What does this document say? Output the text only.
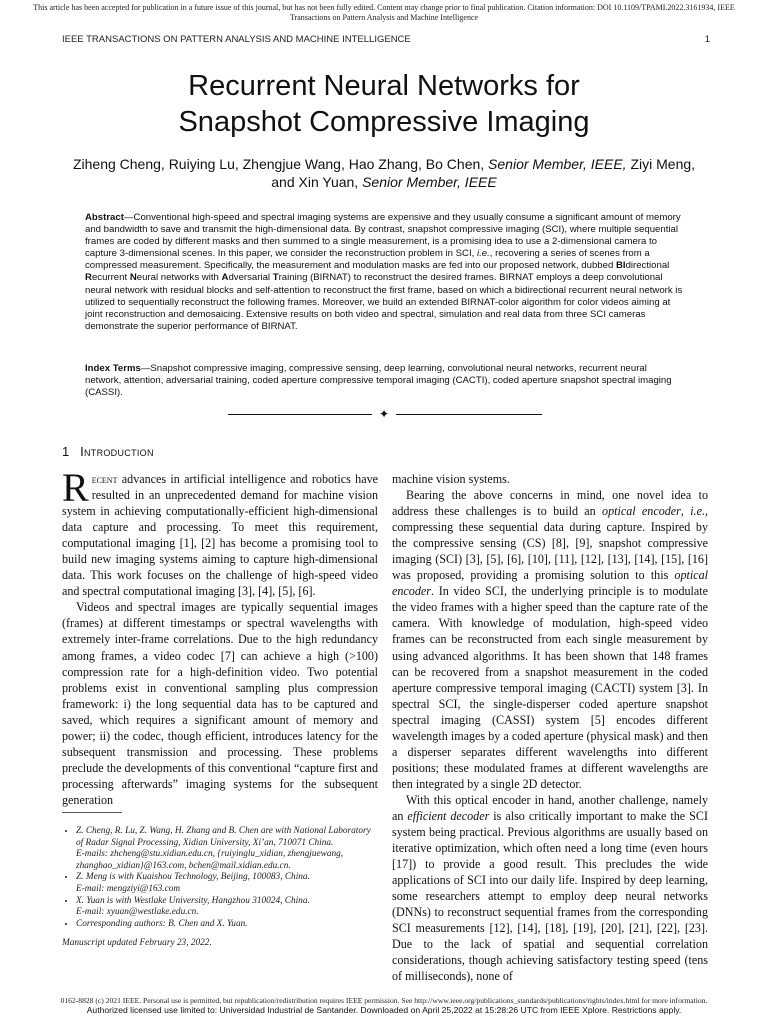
This article has been accepted for publication in a future issue of this journal, but has not been fully edited. Content may change prior to final publication. Citation information: DOI 10.1109/TPAMI.2022.3161934, IEEE
Transactions on Pattern Analysis and Machine Intelligence
IEEE TRANSACTIONS ON PATTERN ANALYSIS AND MACHINE INTELLIGENCE	1
Recurrent Neural Networks for
Snapshot Compressive Imaging
Ziheng Cheng, Ruiying Lu, Zhengjue Wang, Hao Zhang, Bo Chen, Senior Member, IEEE, Ziyi Meng,
and Xin Yuan, Senior Member, IEEE
Abstract—Conventional high-speed and spectral imaging systems are expensive and they usually consume a significant amount of memory and bandwidth to save and transmit the high-dimensional data. By contrast, snapshot compressive imaging (SCI), where multiple sequential frames are coded by different masks and then summed to a single measurement, is a promising idea to use a 2-dimensional camera to capture 3-dimensional scenes. In this paper, we consider the reconstruction problem in SCI, i.e., recovering a series of scenes from a compressed measurement. Specifically, the measurement and modulation masks are fed into our proposed network, dubbed BIdirectional Recurrent Neural networks with Adversarial Training (BIRNAT) to reconstruct the desired frames. BIRNAT employs a deep convolutional neural network with residual blocks and self-attention to reconstruct the first frame, based on which a bidirectional recurrent neural network is utilized to sequentially reconstruct the following frames. Moreover, we build an extended BIRNAT-color algorithm for color videos aiming at joint reconstruction and demosaicing. Extensive results on both video and spectral, simulation and real data from three SCI cameras demonstrate the superior performance of BIRNAT.
Index Terms—Snapshot compressive imaging, compressive sensing, deep learning, convolutional neural networks, recurrent neural network, attention, adversarial training, coded aperture compressive temporal imaging (CACTI), coded aperture snapshot spectral imaging (CASSI).
✦
1 Introduction

Recent advances in artificial intelligence and robotics have resulted in an unprecedented demand for machine vision system in achieving computationally-efficient high-dimensional data capture and processing. To meet this requirement, computational imaging [1], [2] has become a promising tool to build new imaging systems aiming to capture high-dimensional data. This work focuses on the challenge of high-speed video and spectral computational imaging [3], [4], [5], [6].

Videos and spectral images are typically sequential images (frames) at different timestamps or spectral wavelengths with extremely inter-frame correlations. Due to the high redundancy among frames, a video codec [7] can achieve a high (>100) compression rate for a high-definition video. Two potential problems exist in conventional sampling plus compression framework: i) the long sequential data has to be captured and saved, which requires a significant amount of memory and power; ii) the codec, though efficient, introduces latency for the subsequent transmission and processing. These problems preclude the developments of this conventional “capture first and processing afterwards” imaging systems for the subsequent generation

machine vision systems.

Bearing the above concerns in mind, one novel idea to address these challenges is to build an optical encoder, i.e., compressing these sequential data during capture. Inspired by the compressive sensing (CS) [8], [9], snapshot compressive imaging (SCI) [3], [5], [6], [10], [11], [12], [13], [14], [15], [16] was proposed, providing a promising solution to this optical encoder. In video SCI, the underlying principle is to modulate the video frames with a higher speed than the capture rate of the camera. With knowledge of modulation, high-speed video frames can be reconstructed from each single measurement by using advanced algorithms. It has been shown that 148 frames can be recovered from a snapshot measurement in the coded aperture compressive temporal imaging (CACTI) system [3]. In spectral SCI, the single-disperser coded aperture snapshot spectral imaging (CASSI) system [5] encodes different wavelength images by a coded aperture (physical mask) and then a disperser separates different wavelengths into different positions; these modulated frames at different wavelengths are then integrated by a single 2D detector.

With this optical encoder in hand, another challenge, namely an efficient decoder is also critically important to make the SCI system being practical. Previous algorithms are usually based on iterative optimization, which often need a long time (even hours [17]) to provide a good result. This precludes the wide applications of SCI into our daily life. Inspired by deep learning, some researchers attempt to employ deep neural networks (DNNs) to reconstruct sequential frames from the corresponding SCI measurements [12], [14], [18], [19], [20], [21], [22], [23]. Due to the lack of spatial and sequential correlation considerations, though achieving satisfactory testing speed (tens of milliseconds), none of

• Z. Cheng, R. Lu, Z. Wang, H. Zhang and B. Chen are with National Laboratory of Radar Signal Processing, Xidian University, Xi’an, 710071 China.
E-mails: zhcheng@stu.xidian.edu.cn, {ruiyinglu_xidian, zhengjuewang, zhanghao_xidian}@163.com, bchen@mail.xidian.edu.cn.
• Z. Meng is with Kuaishou Technology, Beijing, 100083, China.
E-mail: mengziyi@163.com
• X. Yuan is with Westlake University, Hangzhou 310024, China.
E-mail: xyuan@westlake.edu.cn.
• Corresponding authors: B. Chen and X. Yuan.
Manuscript updated February 23, 2022.
0162-8828 (c) 2021 IEEE. Personal use is permitted, but republication/redistribution requires IEEE permission. See http://www.ieee.org/publications_standards/publications/rights/index.html for more information.
Authorized licensed use limited to: Universidad Industrial de Santander. Downloaded on April 25,2022 at 15:28:26 UTC from IEEE Xplore. Restrictions apply.
